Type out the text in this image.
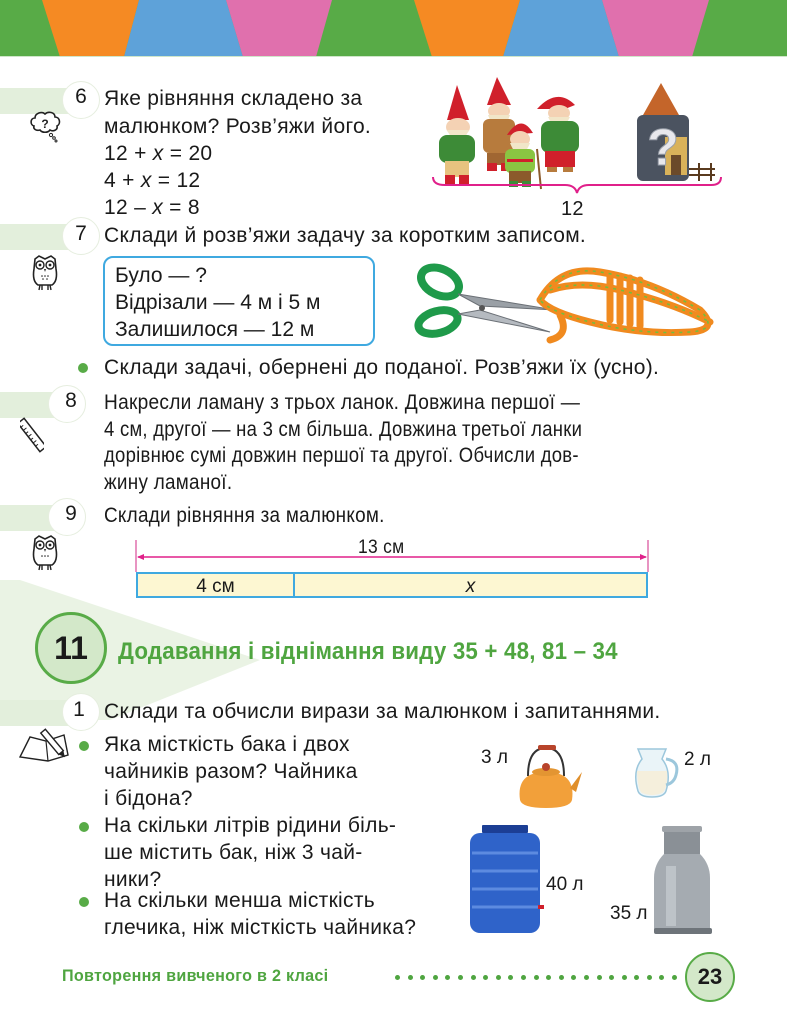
6
?
Яке рівняння складено за
малюнком? Розв’яжи його.
12 + x = 20
4 + x = 12
12 – x = 8
?
12
7 Склади й розв’яжи задачу за коротким записом.
Було — ?
Відрізали — 4 м і 5 м
Залишилося — 12 м
Склади задачі, обернені до поданої. Розв’яжи їх (усно).
8 Накресли ламану з трьох ланок. Довжина першої —
4 см, другої — на 3 см більша. Довжина третьої ланки
дорівнює сумі довжин першої та другої. Обчисли дов-
жину ламаної.
9 Склади рівняння за малюнком.
13 см
4 см	x
11	Додавання і віднімання виду 35 + 48, 81 – 34
1 Склади та обчисли вирази за малюнком і запитаннями.
Яка місткість бака і двох
чайників разом? Чайника
і бідона?
На скільки літрів рідини біль-
ше містить бак, ніж 3 чай-
ники?
На скільки менша місткість
глечика, ніж місткість чайника?
3 л	2 л
40 л
35 л
Повторення вивченого в 2 класі	23
